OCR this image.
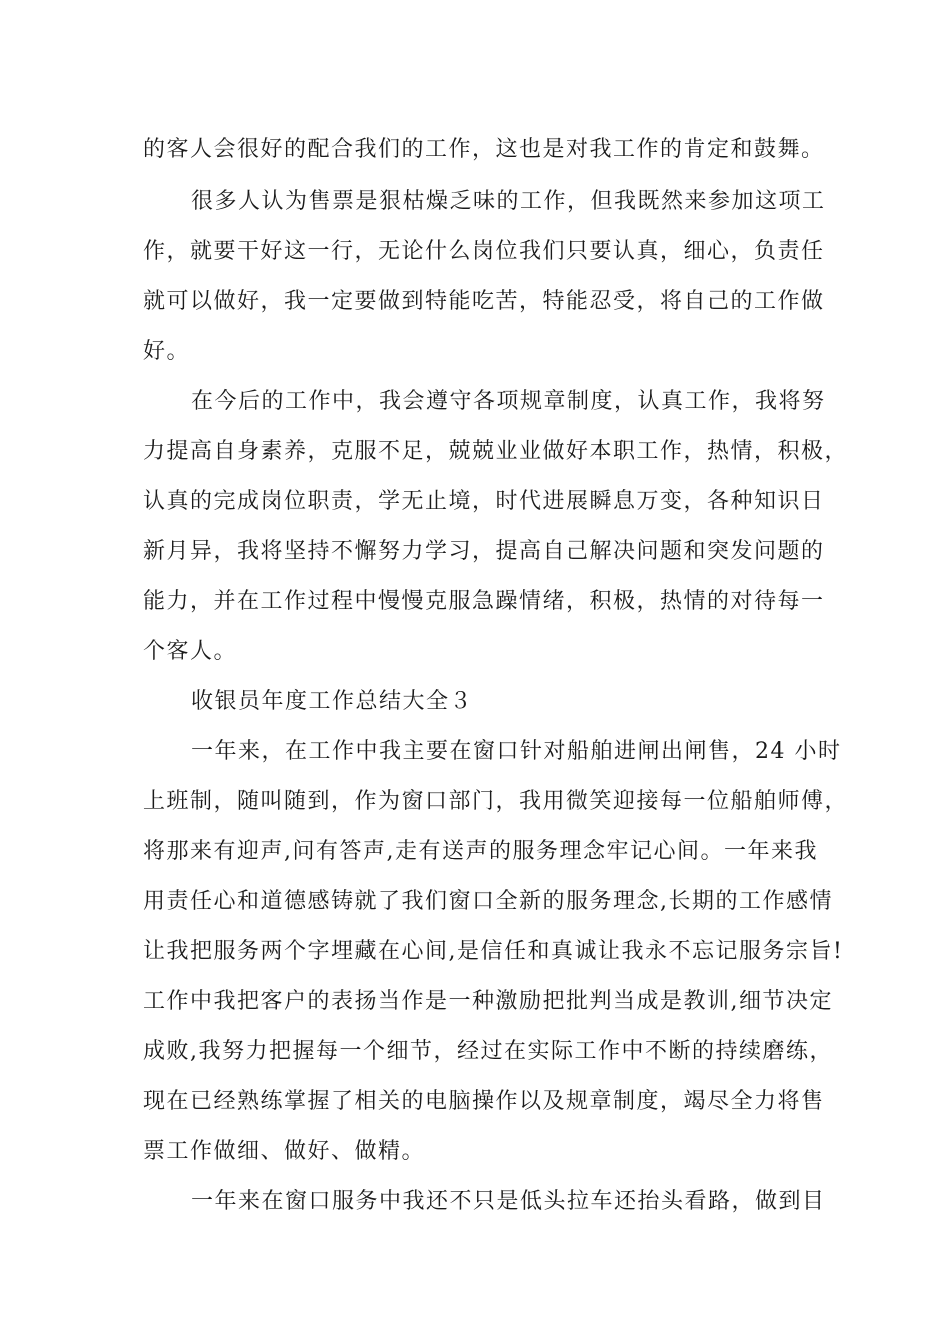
的客人会很好的配合我们的工作，这也是对我工作的肯定和鼓舞。
很多人认为售票是狠枯燥乏味的工作，但我既然来参加这项工
作，就要干好这一行，无论什么岗位我们只要认真，细心，负责任
就可以做好，我一定要做到特能吃苦，特能忍受，将自己的工作做
好。
在今后的工作中，我会遵守各项规章制度，认真工作，我将努
力提高自身素养，克服不足，兢兢业业做好本职工作，热情，积极，
认真的完成岗位职责，学无止境，时代进展瞬息万变，各种知识日
新月异，我将坚持不懈努力学习，提高自己解决问题和突发问题的
能力，并在工作过程中慢慢克服急躁情绪，积极，热情的对待每一
个客人。
收银员年度工作总结大全３
一年来，在工作中我主要在窗口针对船舶进闸出闸售，24 小时
上班制，随叫随到，作为窗口部门，我用微笑迎接每一位船舶师傅，
将那来有迎声,问有答声,走有送声的服务理念牢记心间。一年来我
用责任心和道德感铸就了我们窗口全新的服务理念,长期的工作感情
让我把服务两个字埋藏在心间,是信任和真诚让我永不忘记服务宗旨!
工作中我把客户的表扬当作是一种激励把批判当成是教训,细节决定
成败,我努力把握每一个细节，经过在实际工作中不断的持续磨练，
现在已经熟练掌握了相关的电脑操作以及规章制度，竭尽全力将售
票工作做细、做好、做精。
一年来在窗口服务中我还不只是低头拉车还抬头看路，做到目
